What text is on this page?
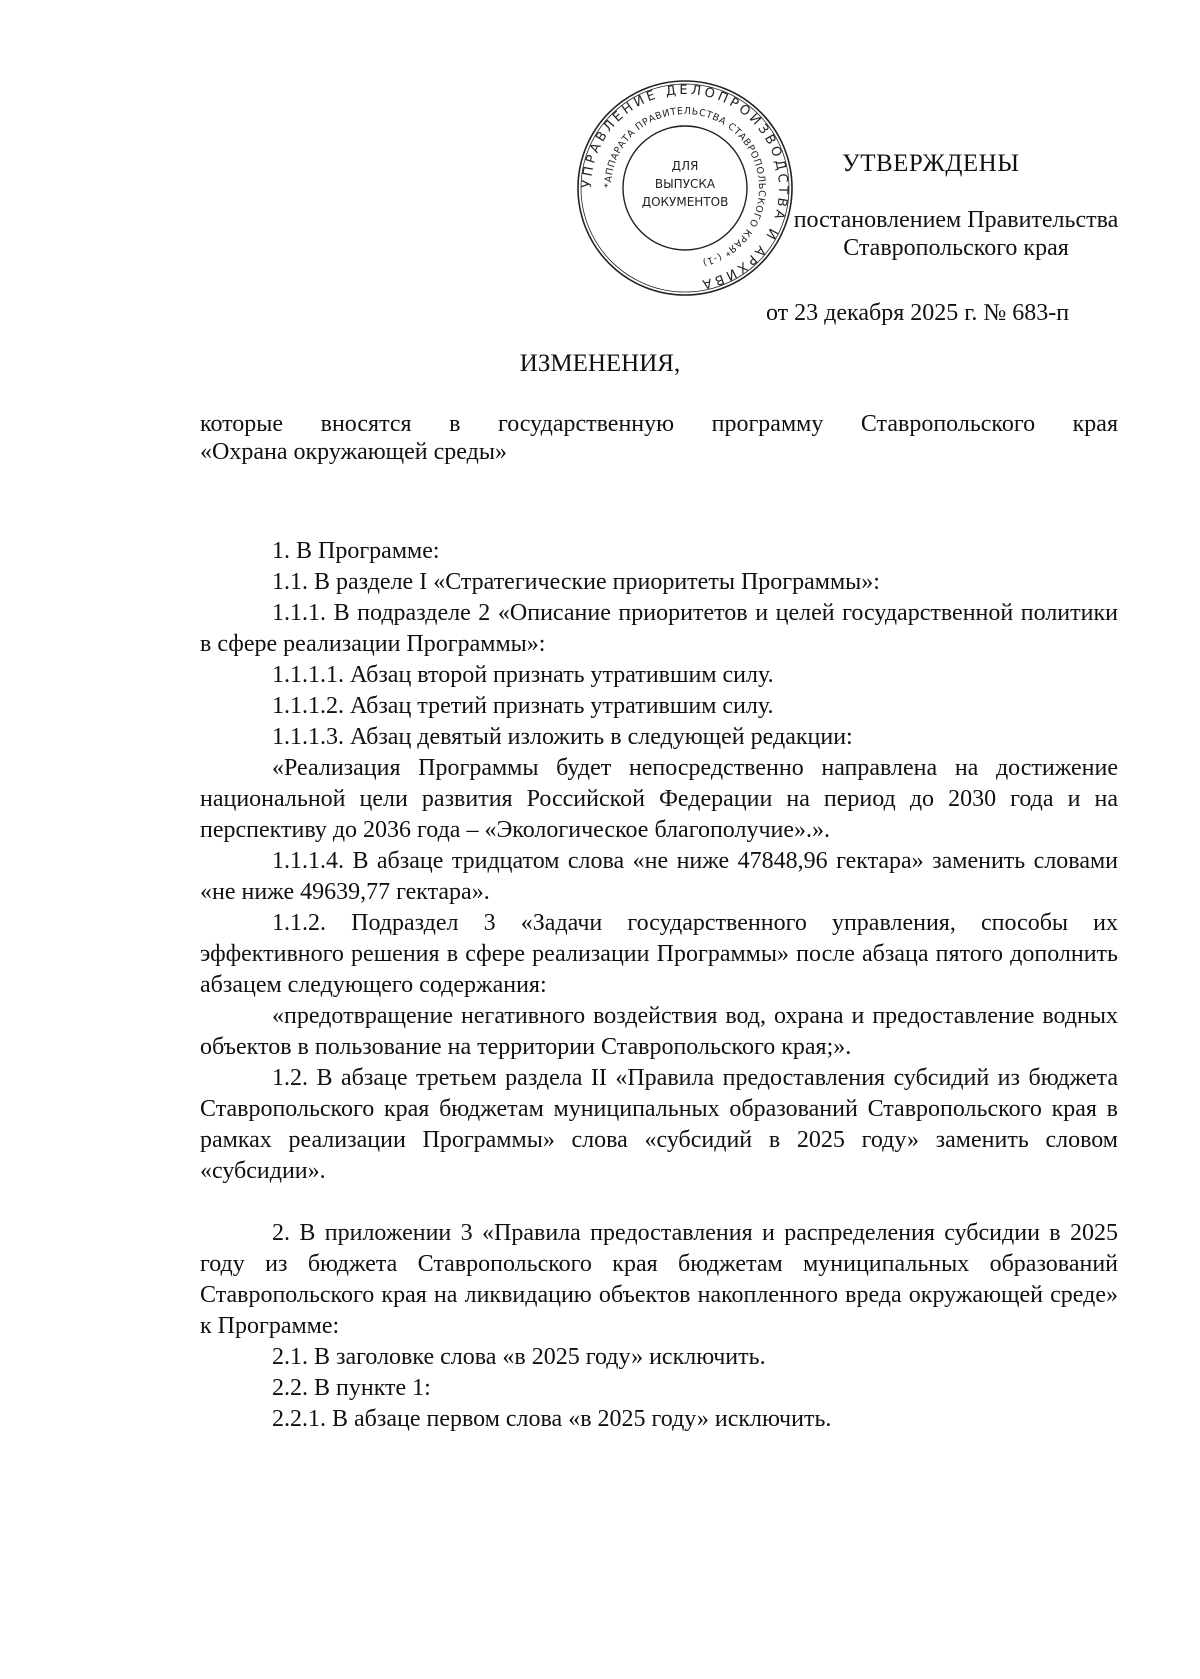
УПРАВЛЕНИЕ ДЕЛОПРОИЗВОДСТВА И АРХИВА
*АППАРАТА ПРАВИТЕЛЬСТВА СТАВРОПОЛЬСКОГО КРАЯ* (-1)
ДЛЯ
ВЫПУСКА
ДОКУМЕНТОВ
УТВЕРЖДЕНЫ
постановлением Правительства
Ставропольского края
от 23 декабря 2025 г. № 683-п
ИЗМЕНЕНИЯ,
которые вносятся в государственную программу Ставропольского края
«Охрана окружающей среды»

1. В Программе:

1.1. В разделе I «Стратегические приоритеты Программы»:

1.1.1. В подразделе 2 «Описание приоритетов и целей государственной политики в сфере реализации Программы»:

1.1.1.1. Абзац второй признать утратившим силу.

1.1.1.2. Абзац третий признать утратившим силу.

1.1.1.3. Абзац девятый изложить в следующей редакции:

«Реализация Программы будет непосредственно направлена на достижение национальной цели развития Российской Федерации на период до 2030 года и на перспективу до 2036 года – «Экологическое благополучие».».

1.1.1.4. В абзаце тридцатом слова «не ниже 47848,96 гектара» заменить словами «не ниже 49639,77 гектара».

1.1.2. Подраздел 3 «Задачи государственного управления, способы их эффективного решения в сфере реализации Программы» после абзаца пятого дополнить абзацем следующего содержания:

«предотвращение негативного воздействия вод, охрана и предоставление водных объектов в пользование на территории Ставропольского края;».

1.2. В абзаце третьем раздела II «Правила предоставления субсидий из бюджета Ставропольского края бюджетам муниципальных образований Ставропольского края в рамках реализации Программы» слова «субсидий в 2025 году» заменить словом «субсидии».

2. В приложении 3 «Правила предоставления и распределения субсидии в 2025 году из бюджета Ставропольского края бюджетам муниципальных образований Ставропольского края на ликвидацию объектов накопленного вреда окружающей среде» к Программе:

2.1. В заголовке слова «в 2025 году» исключить.

2.2. В пункте 1:

2.2.1. В абзаце первом слова «в 2025 году» исключить.
